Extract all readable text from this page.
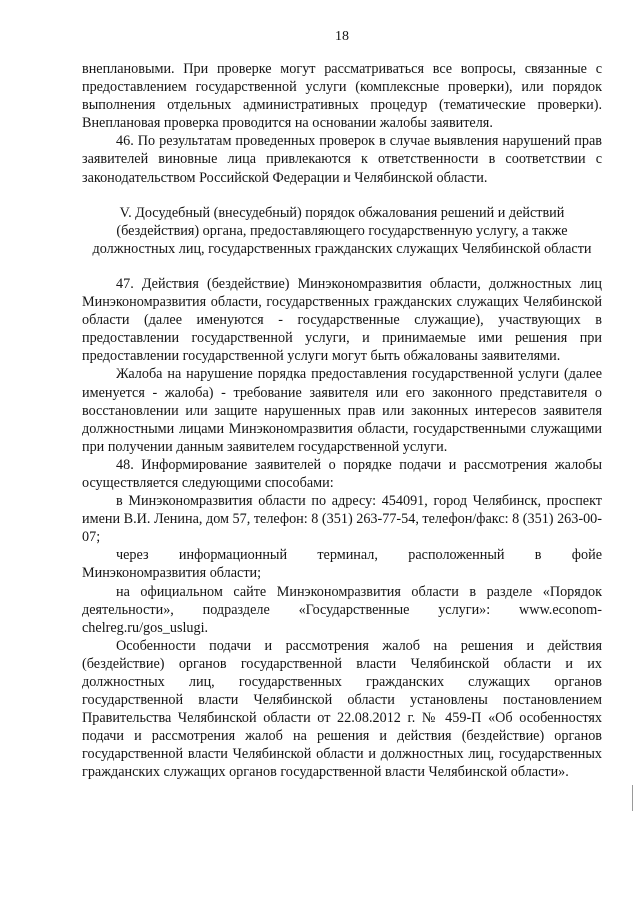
18

внеплановыми. При проверке могут рассматриваться все вопросы, связанные с предоставлением государственной услуги (комплексные проверки), или порядок выполнения отдельных административных процедур (тематические проверки). Внеплановая проверка проводится на основании жалобы заявителя.

46. По результатам проведенных проверок в случае выявления нарушений прав заявителей виновные лица привлекаются к ответственности в соответствии с законодательством Российской Федерации и Челябинской области.

V. Досудебный (внесудебный) порядок обжалования решений и действий (бездействия) органа, предоставляющего государственную услугу, а также должностных лиц, государственных гражданских служащих Челябинской области

47. Действия (бездействие) Минэкономразвития области, должностных лиц Минэкономразвития области, государственных гражданских служащих Челябинской области (далее именуются - государственные служащие), участвующих в предоставлении государственной услуги, и принимаемые ими решения при предоставлении государственной услуги могут быть обжалованы заявителями.

Жалоба на нарушение порядка предоставления государственной услуги (далее именуется - жалоба) - требование заявителя или его законного представителя о восстановлении или защите нарушенных прав или законных интересов заявителя должностными лицами Минэкономразвития области, государственными служащими при получении данным заявителем государственной услуги.

48. Информирование заявителей о порядке подачи и рассмотрения жалобы осуществляется следующими способами:

в Минэкономразвития области по адресу: 454091, город Челябинск, проспект имени В.И. Ленина, дом 57, телефон: 8 (351) 263-77-54, телефон/факс: 8 (351) 263-00-07;

через информационный терминал, расположенный в фойе

Минэкономразвития области;

на официальном сайте Минэкономразвития области в разделе «Порядок деятельности», подразделе «Государственные услуги»: www.econom-chelreg.ru/gos_uslugi.

Особенности подачи и рассмотрения жалоб на решения и действия (бездействие) органов государственной власти Челябинской области и их должностных лиц, государственных гражданских служащих органов государственной власти Челябинской области установлены постановлением Правительства Челябинской области от 22.08.2012 г. № 459-П «Об особенностях подачи и рассмотрения жалоб на решения и действия (бездействие) органов государственной власти Челябинской области и должностных лиц, государственных гражданских служащих органов государственной власти Челябинской области».
